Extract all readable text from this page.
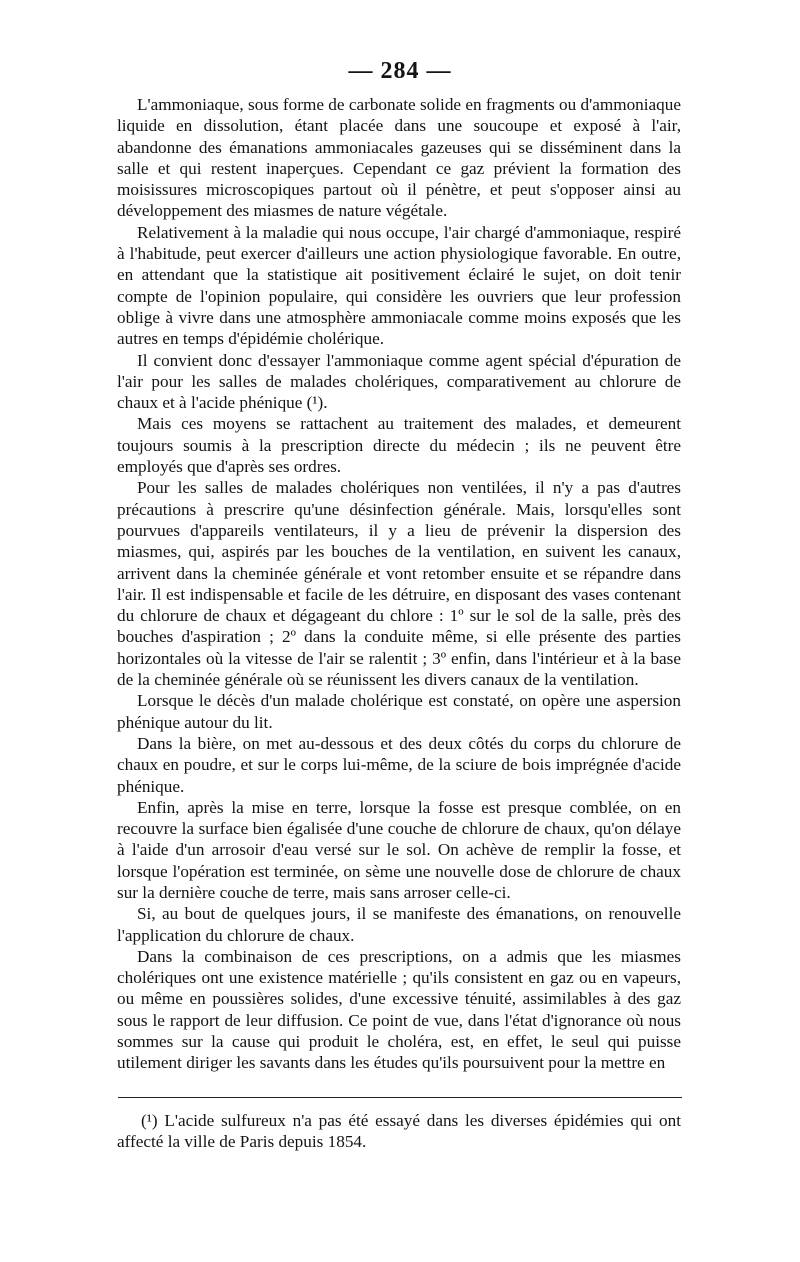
— 284 —

L'ammoniaque, sous forme de carbonate solide en fragments ou d'ammoniaque liquide en dissolution, étant placée dans une soucoupe et exposé à l'air, abandonne des émanations ammoniacales gazeuses qui se disséminent dans la salle et qui restent inaperçues. Cependant ce gaz prévient la formation des moisissures microscopiques partout où il pénètre, et peut s'opposer ainsi au développement des miasmes de nature végétale.

Relativement à la maladie qui nous occupe, l'air chargé d'ammoniaque, respiré à l'habitude, peut exercer d'ailleurs une action physiologique favorable. En outre, en attendant que la statistique ait positivement éclairé le sujet, on doit tenir compte de l'opinion populaire, qui considère les ouvriers que leur profession oblige à vivre dans une atmosphère ammoniacale comme moins exposés que les autres en temps d'épidémie cholérique.

Il convient donc d'essayer l'ammoniaque comme agent spécial d'épuration de l'air pour les salles de malades cholériques, comparativement au chlorure de chaux et à l'acide phénique (¹).

Mais ces moyens se rattachent au traitement des malades, et demeurent toujours soumis à la prescription directe du médecin ; ils ne peuvent être employés que d'après ses ordres.

Pour les salles de malades cholériques non ventilées, il n'y a pas d'autres précautions à prescrire qu'une désinfection générale. Mais, lorsqu'elles sont pourvues d'appareils ventilateurs, il y a lieu de prévenir la dispersion des miasmes, qui, aspirés par les bouches de la ventilation, en suivent les canaux, arrivent dans la cheminée générale et vont retomber ensuite et se répandre dans l'air. Il est indispensable et facile de les détruire, en disposant des vases contenant du chlorure de chaux et dégageant du chlore : 1º sur le sol de la salle, près des bouches d'aspiration ; 2º dans la conduite même, si elle présente des parties horizontales où la vitesse de l'air se ralentit ; 3º enfin, dans l'intérieur et à la base de la cheminée générale où se réunissent les divers canaux de la ventilation.

Lorsque le décès d'un malade cholérique est constaté, on opère une aspersion phénique autour du lit.

Dans la bière, on met au-dessous et des deux côtés du corps du chlorure de chaux en poudre, et sur le corps lui-même, de la sciure de bois imprégnée d'acide phénique.

Enfin, après la mise en terre, lorsque la fosse est presque comblée, on en recouvre la surface bien égalisée d'une couche de chlorure de chaux, qu'on délaye à l'aide d'un arrosoir d'eau versé sur le sol. On achève de remplir la fosse, et lorsque l'opération est terminée, on sème une nouvelle dose de chlorure de chaux sur la dernière couche de terre, mais sans arroser celle-ci.

Si, au bout de quelques jours, il se manifeste des émanations, on renouvelle l'application du chlorure de chaux.

Dans la combinaison de ces prescriptions, on a admis que les miasmes cholériques ont une existence matérielle ; qu'ils consistent en gaz ou en vapeurs, ou même en poussières solides, d'une excessive ténuité, assimilables à des gaz sous le rapport de leur diffusion. Ce point de vue, dans l'état d'ignorance où nous sommes sur la cause qui produit le choléra, est, en effet, le seul qui puisse utilement diriger les savants dans les études qu'ils poursuivent pour la mettre en

(¹) L'acide sulfureux n'a pas été essayé dans les diverses épidémies qui ont affecté la ville de Paris depuis 1854.
